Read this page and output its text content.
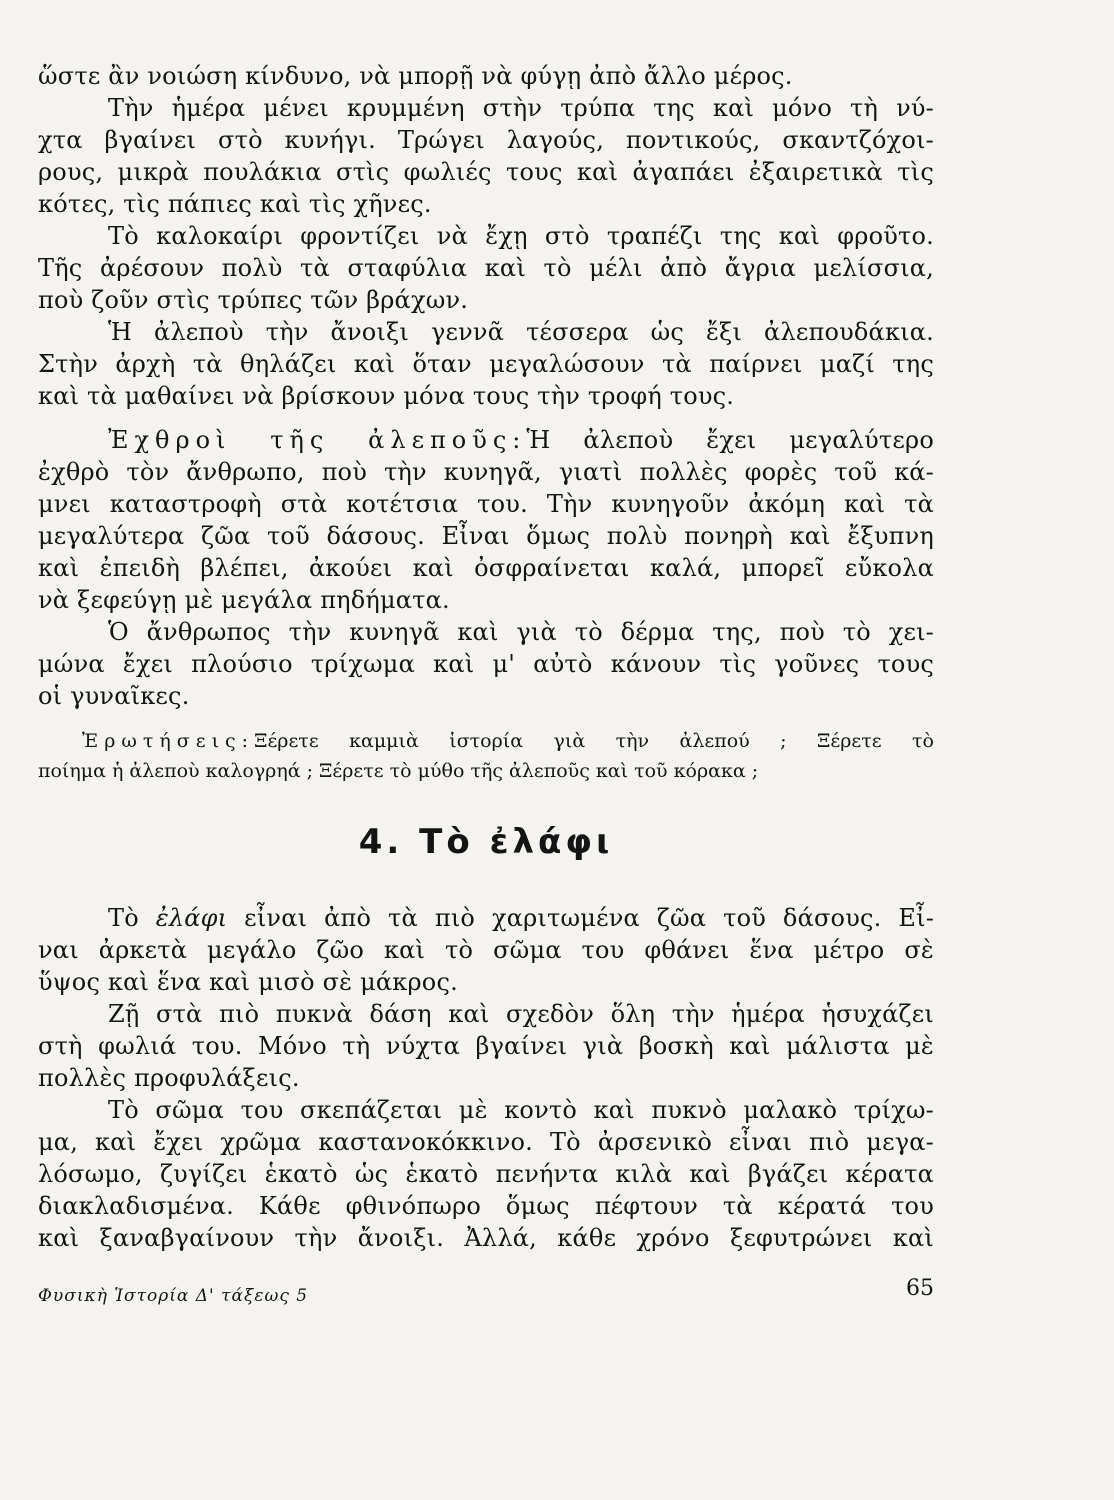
ὥστε ἂν νοιώση κίνδυνο, νὰ μπορῇ νὰ φύγῃ ἀπὸ ἄλλο μέρος.
Τὴν ἡμέρα μένει κρυμμένη στὴν τρύπα της καὶ μόνο τὴ νύ-
χτα βγαίνει στὸ κυνήγι. Τρώγει λαγούς, ποντικούς, σκαντζόχοι-
ρους, μικρὰ πουλάκια στὶς φωλιές τους καὶ ἀγαπάει ἐξαιρετικὰ τὶς
κότες, τὶς πάπιες καὶ τὶς χῆνες.
Τὸ καλοκαίρι φροντίζει νὰ ἔχῃ στὸ τραπέζι της καὶ φροῦτο.
Τῆς ἀρέσουν πολὺ τὰ σταφύλια καὶ τὸ μέλι ἀπὸ ἄγρια μελίσσια,
ποὺ ζοῦν στὶς τρύπες τῶν βράχων.
Ἡ ἀλεποὺ τὴν ἄνοιξι γεννᾶ τέσσερα ὡς ἔξι ἀλεπουδάκια.
Στὴν ἀρχὴ τὰ θηλάζει καὶ ὅταν μεγαλώσουν τὰ παίρνει μαζί της
καὶ τὰ μαθαίνει νὰ βρίσκουν μόνα τους τὴν τροφή τους.
Ἐχθροὶ τῆς ἀλεποῦς:Ἡ ἀλεποὺ ἔχει μεγαλύτερο
ἐχθρὸ τὸν ἄνθρωπο, ποὺ τὴν κυνηγᾶ, γιατὶ πολλὲς φορὲς τοῦ κά-
μνει καταστροφὴ στὰ κοτέτσια του. Τὴν κυνηγοῦν ἀκόμη καὶ τὰ
μεγαλύτερα ζῶα τοῦ δάσους. Εἶναι ὅμως πολὺ πονηρὴ καὶ ἔξυπνη
καὶ ἐπειδὴ βλέπει, ἀκούει καὶ ὀσφραίνεται καλά, μπορεῖ εὔκολα
νὰ ξεφεύγῃ μὲ μεγάλα πηδήματα.
Ὁ ἄνθρωπος τὴν κυνηγᾶ καὶ γιὰ τὸ δέρμα της, ποὺ τὸ χει-
μώνα ἔχει πλούσιο τρίχωμα καὶ μ' αὐτὸ κάνουν τὶς γοῦνες τους
οἱ γυναῖκες.
Ἐρωτήσεις:Ξέρετε καμμιὰ ἱστορία γιὰ τὴν ἀλεπού ; Ξέρετε τὸ
ποίημα ἡ ἀλεποὺ καλογρηά ; Ξέρετε τὸ μύθο τῆς ἀλεποῦς καὶ τοῦ κόρακα ;
4. Τὸ ἐλάφι
Τὸ ἐλάφι εἶναι ἀπὸ τὰ πιὸ χαριτωμένα ζῶα τοῦ δάσους. Εἶ-
ναι ἀρκετὰ μεγάλο ζῶο καὶ τὸ σῶμα του φθάνει ἕνα μέτρο σὲ
ὕψος καὶ ἕνα καὶ μισὸ σὲ μάκρος.
Ζῇ στὰ πιὸ πυκνὰ δάση καὶ σχεδὸν ὅλη τὴν ἡμέρα ἡσυχάζει
στὴ φωλιά του. Μόνο τὴ νύχτα βγαίνει γιὰ βοσκὴ καὶ μάλιστα μὲ
πολλὲς προφυλάξεις.
Τὸ σῶμα του σκεπάζεται μὲ κοντὸ καὶ πυκνὸ μαλακὸ τρίχω-
μα, καὶ ἔχει χρῶμα καστανοκόκκινο. Τὸ ἀρσενικὸ εἶναι πιὸ μεγα-
λόσωμο, ζυγίζει ἑκατὸ ὡς ἑκατὸ πενήντα κιλὰ καὶ βγάζει κέρατα
διακλαδισμένα. Κάθε φθινόπωρο ὅμως πέφτουν τὰ κέρατά του
καὶ ξαναβγαίνουν τὴν ἄνοιξι. Ἀλλά, κάθε χρόνο ξεφυτρώνει καὶ
Φυσικὴ Ἱστορία Δ' τάξεως 5	65
